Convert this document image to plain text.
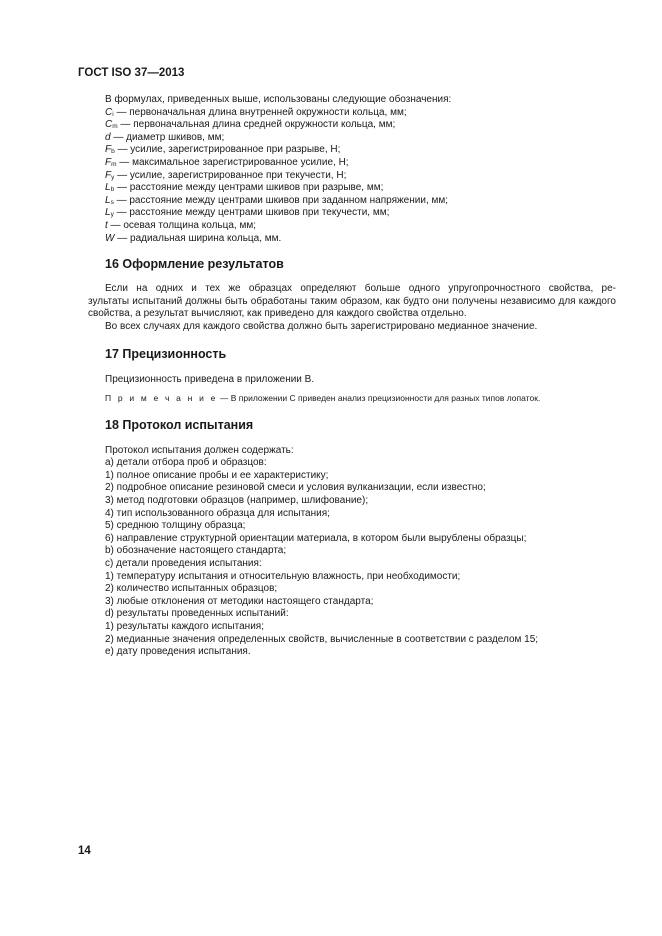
ГОСТ ISO 37—2013
В формулах, приведенных выше, использованы следующие обозначения:
$C_i$ — первоначальная длина внутренней окружности кольца, мм;
$C_m$ — первоначальная длина средней окружности кольца, мм;
d — диаметр шкивов, мм;
$F_b$ — усилие, зарегистрированное при разрыве, Н;
$F_m$ — максимальное зарегистрированное усилие, Н;
$F_y$ — усилие, зарегистрированное при текучести, Н;
$L_b$ — расстояние между центрами шкивов при разрыве, мм;
$L_s$ — расстояние между центрами шкивов при заданном напряжении, мм;
$L_y$ — расстояние между центрами шкивов при текучести, мм;
t — осевая толщина кольца, мм;
W — радиальная ширина кольца, мм.
16 Оформление результатов
Если на одних и тех же образцах определяют больше одного упругопрочностного свойства, ре-
зультаты испытаний должны быть обработаны таким образом, как будто они получены независимо для каждого свойства, а результат вычисляют, как приведено для каждого свойства отдельно.
Во всех случаях для каждого свойства должно быть зарегистрировано медианное значение.
17 Прецизионность
Прецизионность приведена в приложении В.
П р и м е ч а н и е — В приложении С приведен анализ прецизионности для разных типов лопаток.
18 Протокол испытания
Протокол испытания должен содержать:
a) детали отбора проб и образцов:
1) полное описание пробы и ее характеристику;
2) подробное описание резиновой смеси и условия вулканизации, если известно;
3) метод подготовки образцов (например, шлифование);
4) тип использованного образца для испытания;
5) среднюю толщину образца;
6) направление структурной ориентации материала, в котором были вырублены образцы;
b) обозначение настоящего стандарта;
c) детали проведения испытания:
1) температуру испытания и относительную влажность, при необходимости;
2) количество испытанных образцов;
3) любые отклонения от методики настоящего стандарта;
d) результаты проведенных испытаний:
1) результаты каждого испытания;
2) медианные значения определенных свойств, вычисленные в соответствии с разделом 15;
e) дату проведения испытания.
14
